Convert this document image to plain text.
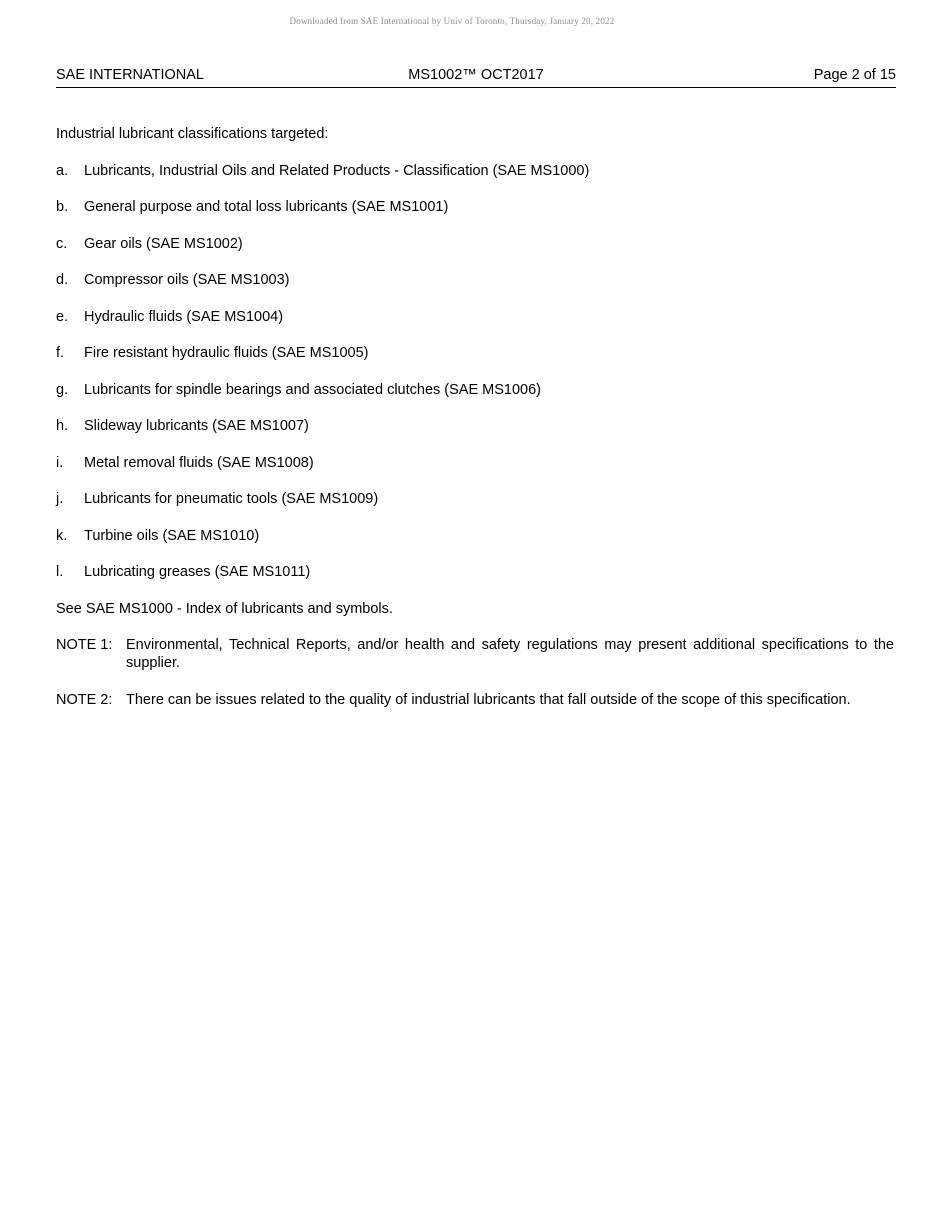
Downloaded from SAE International by Univ of Toronto, Thursday, January 20, 2022
SAE INTERNATIONAL	MS1002™ OCT2017	Page 2 of 15

Industrial lubricant classifications targeted:

a. Lubricants, Industrial Oils and Related Products - Classification (SAE MS1000)
b. General purpose and total loss lubricants (SAE MS1001)
c. Gear oils (SAE MS1002)
d. Compressor oils (SAE MS1003)
e. Hydraulic fluids (SAE MS1004)
f. Fire resistant hydraulic fluids (SAE MS1005)
g. Lubricants for spindle bearings and associated clutches (SAE MS1006)
h. Slideway lubricants (SAE MS1007)
i. Metal removal fluids (SAE MS1008)
j. Lubricants for pneumatic tools (SAE MS1009)
k. Turbine oils (SAE MS1010)
l. Lubricating greases (SAE MS1011)
See SAE MS1000 - Index of lubricants and symbols.
NOTE 1: Environmental, Technical Reports, and/or health and safety regulations may present additional specifications to the supplier.
NOTE 2: There can be issues related to the quality of industrial lubricants that fall outside of the scope of this specification.
